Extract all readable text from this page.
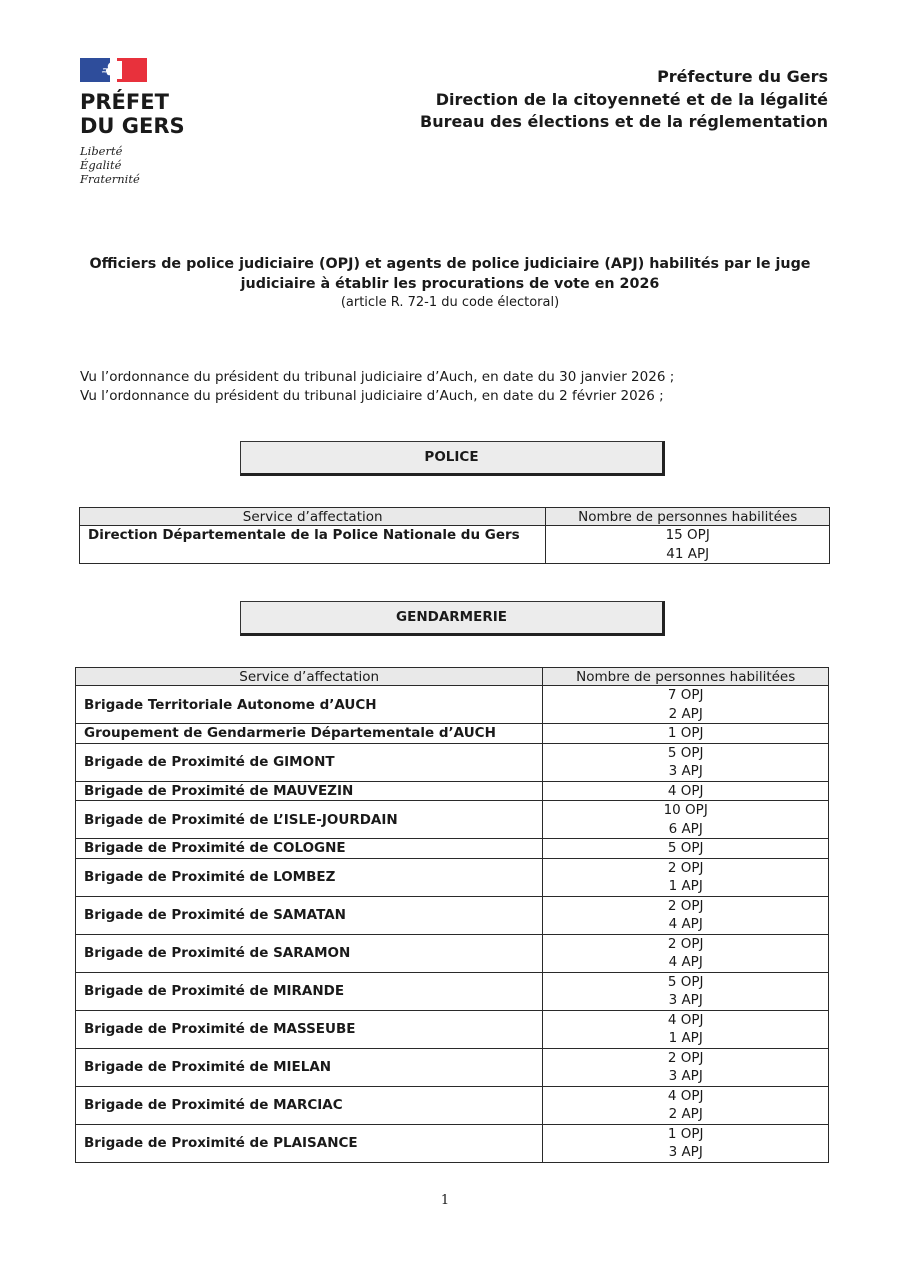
PRÉFET
DU GERS
Liberté
Égalité
Fraternité
Préfecture du Gers
Direction de la citoyenneté et de la légalité
Bureau des élections et de la réglementation
Officiers de police judiciaire (OPJ) et agents de police judiciaire (APJ) habilités par le juge
judiciaire à établir les procurations de vote en 2026
(article R. 72-1 du code électoral)
Vu l’ordonnance du président du tribunal judiciaire d’Auch, en date du 30 janvier 2026 ;
Vu l’ordonnance du président du tribunal judiciaire d’Auch, en date du 2 février 2026 ;
POLICE
Service d’affectation	Nombre de personnes habilitées
Direction Départementale de la Police Nationale du Gers	15 OPJ
41 APJ
GENDARMERIE
Service d’affectation	Nombre de personnes habilitées
Brigade Territoriale Autonome d’AUCH	7 OPJ
2 APJ

Groupement de Gendarmerie Départementale d’AUCH	1 OPJ

Brigade de Proximité de GIMONT	5 OPJ
3 APJ

Brigade de Proximité de MAUVEZIN	4 OPJ

Brigade de Proximité de L’ISLE-JOURDAIN	10 OPJ
6 APJ

Brigade de Proximité de COLOGNE	5 OPJ

Brigade de Proximité de LOMBEZ	2 OPJ
1 APJ

Brigade de Proximité de SAMATAN	2 OPJ
4 APJ

Brigade de Proximité de SARAMON	2 OPJ
4 APJ

Brigade de Proximité de MIRANDE	5 OPJ
3 APJ

Brigade de Proximité de MASSEUBE	4 OPJ
1 APJ

Brigade de Proximité de MIELAN	2 OPJ
3 APJ

Brigade de Proximité de MARCIAC	4 OPJ
2 APJ

Brigade de Proximité de PLAISANCE	1 OPJ
3 APJ
1
